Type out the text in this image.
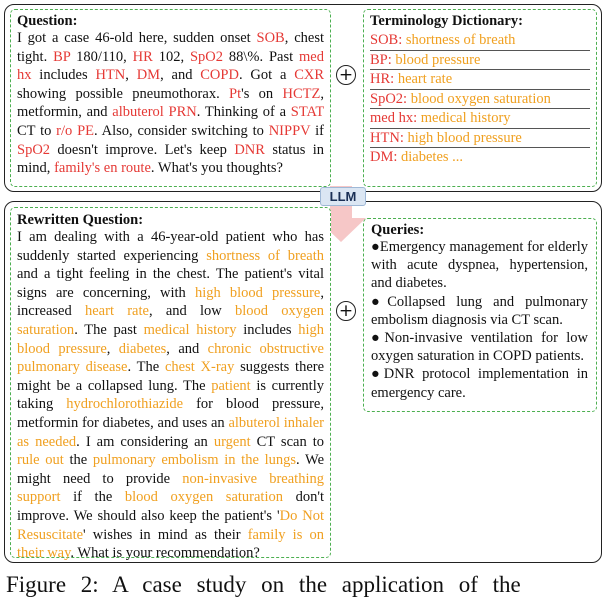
Question:

I got a case 46-old here, sudden onset SOB, chest tight. BP 180/110, HR 102, SpO2 88\%. Past med hx includes HTN, DM, and COPD. Got a CXR showing possible pneumothorax. Pt's on HCTZ, metformin, and albuterol PRN. Thinking of a STAT CT to r/o PE. Also, consider switching to NIPPV if SpO2 doesn't improve. Let's keep DNR status in mind, family's en route. What's you thoughts?
+

Terminology Dictionary:

SOB: shortness of breath
BP: blood pressure
HR: heart rate
SpO2: blood oxygen saturation
med hx: medical history
HTN: high blood pressure
DM: diabetes ...
LLM

Rewritten Question:

I am dealing with a 46-year-old patient who has suddenly started experiencing shortness of breath and a tight feeling in the chest. The patient's vital signs are concerning, with high blood pressure, increased heart rate, and low blood oxygen saturation. The past medical history includes high blood pressure, diabetes, and chronic obstructive pulmonary disease. The chest X-ray suggests there might be a collapsed lung. The patient is currently taking hydrochlorothiazide for blood pressure, metformin for diabetes, and uses an albuterol inhaler as needed. I am considering an urgent CT scan to rule out the pulmonary embolism in the lungs. We might need to provide non-invasive breathing support if the blood oxygen saturation don't improve. We should also keep the patient's 'Do Not Resuscitate' wishes in mind as their family is on their way. What is your recommendation?
+

Queries:

●Emergency management for elderly with acute dyspnea, hypertension, and diabetes.
●Collapsed lung and pulmonary embolism diagnosis via CT scan.
●Non-invasive ventilation for low oxygen saturation in COPD patients.
●DNR protocol implementation in emergency care.
Figure 2: A case study on the application of the
